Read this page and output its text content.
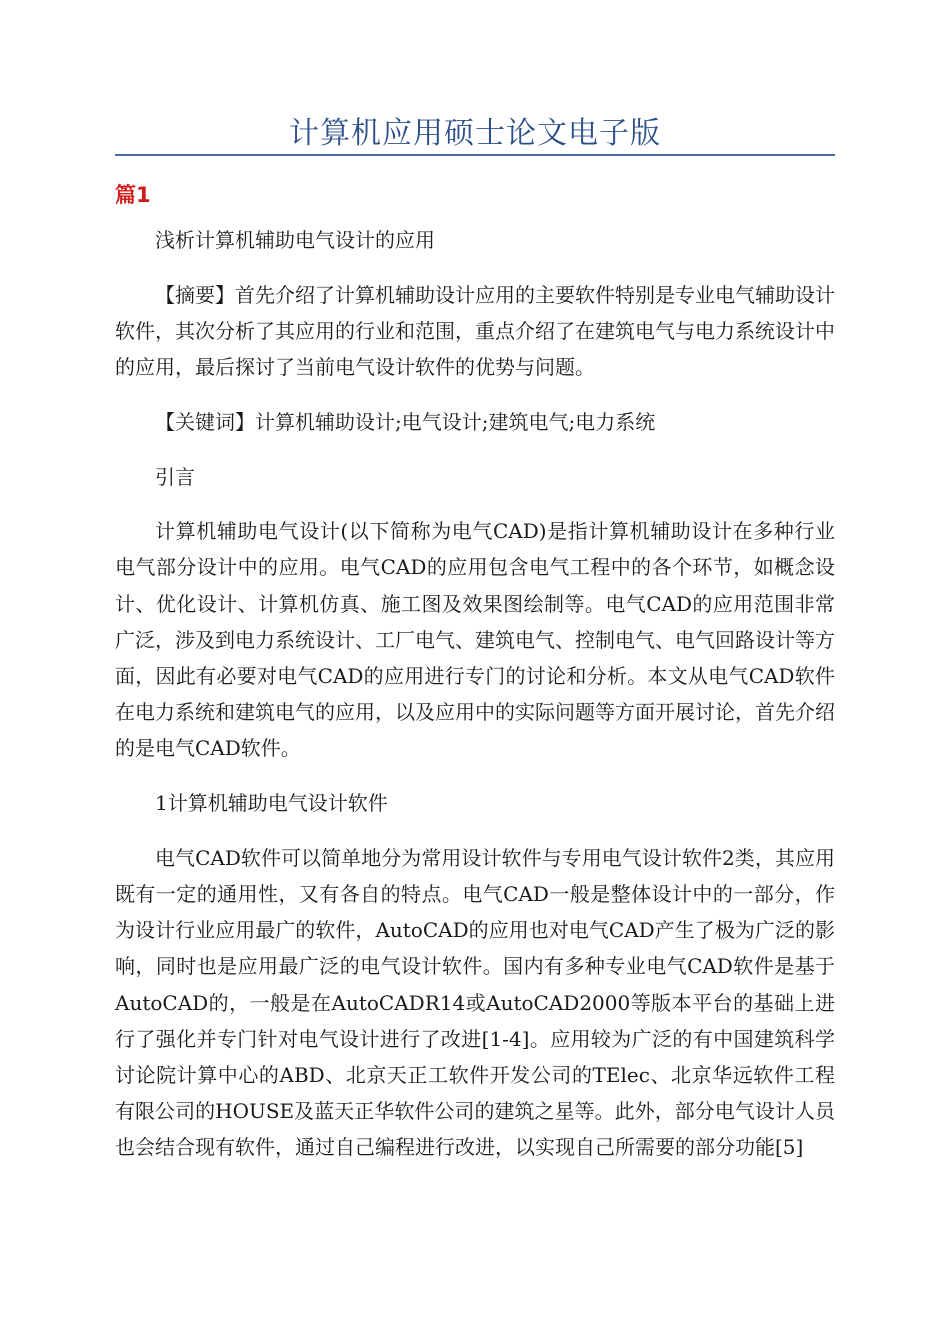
计算机应用硕士论文电子版
篇1

浅析计算机辅助电气设计的应用

【摘要】首先介绍了计算机辅助设计应用的主要软件特别是专业电气辅助设计软件，其次分析了其应用的行业和范围，重点介绍了在建筑电气与电力系统设计中的应用，最后探讨了当前电气设计软件的优势与问题。

【关键词】计算机辅助设计;电气设计;建筑电气;电力系统

引言

计算机辅助电气设计(以下简称为电气CAD)是指计算机辅助设计在多种行业电气部分设计中的应用。电气CAD的应用包含电气工程中的各个环节，如概念设计、优化设计、计算机仿真、施工图及效果图绘制等。电气CAD的应用范围非常广泛，涉及到电力系统设计、工厂电气、建筑电气、控制电气、电气回路设计等方面，因此有必要对电气CAD的应用进行专门的讨论和分析。本文从电气CAD软件在电力系统和建筑电气的应用，以及应用中的实际问题等方面开展讨论，首先介绍的是电气CAD软件。

1计算机辅助电气设计软件

电气CAD软件可以简单地分为常用设计软件与专用电气设计软件2类，其应用既有一定的通用性，又有各自的特点。电气CAD一般是整体设计中的一部分，作为设计行业应用最广的软件，AutoCAD的应用也对电气CAD产生了极为广泛的影响，同时也是应用最广泛的电气设计软件。国内有多种专业电气CAD软件是基于AutoCAD的，一般是在AutoCADR14或AutoCAD2000等版本平台的基础上进行了强化并专门针对电气设计进行了改进[1-4]。应用较为广泛的有中国建筑科学讨论院计算中心的ABD、北京天正工软件开发公司的TElec、北京华远软件工程有限公司的HOUSE及蓝天正华软件公司的建筑之星等。此外，部分电气设计人员也会结合现有软件，通过自己编程进行改进，以实现自己所需要的部分功能[5]
